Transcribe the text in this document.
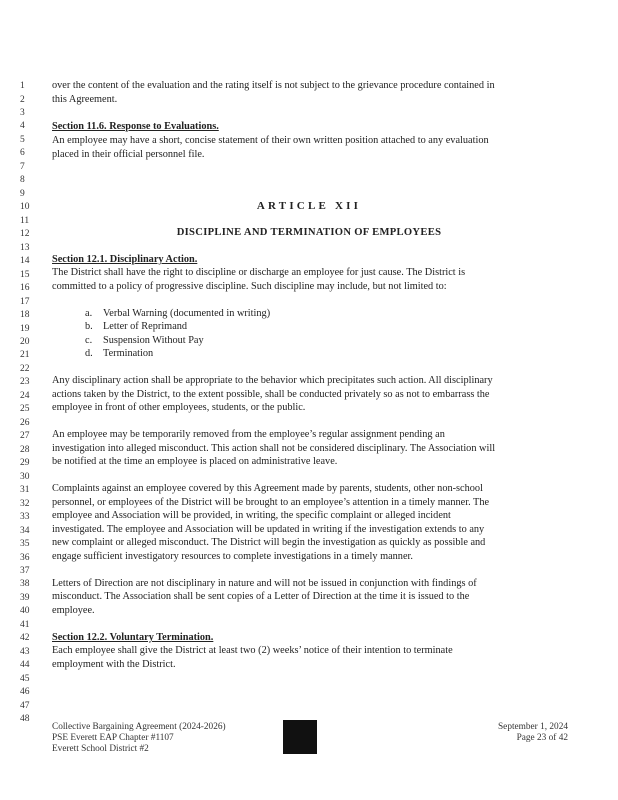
1
2
3
4
5
6
7
8
9
10
11
12
13
14
15
16
17
18
19
20
21
22
23
24
25
26
27
28
29
30
31
32
33
34
35
36
37
38
39
40
41
42
43
44
45
46
47
48
over the content of the evaluation and the rating itself is not subject to the grievance procedure contained in
this Agreement.
Section 11.6. Response to Evaluations.
An employee may have a short, concise statement of their own written position attached to any evaluation
placed in their official personnel file.
ARTICLE XII
DISCIPLINE AND TERMINATION OF EMPLOYEES
Section 12.1. Disciplinary Action.
The District shall have the right to discipline or discharge an employee for just cause. The District is
committed to a policy of progressive discipline. Such discipline may include, but not limited to:
a. Verbal Warning (documented in writing)
b. Letter of Reprimand
c. Suspension Without Pay
d. Termination
Any disciplinary action shall be appropriate to the behavior which precipitates such action. All disciplinary
actions taken by the District, to the extent possible, shall be conducted privately so as not to embarrass the
employee in front of other employees, students, or the public.
An employee may be temporarily removed from the employee’s regular assignment pending an
investigation into alleged misconduct. This action shall not be considered disciplinary. The Association will
be notified at the time an employee is placed on administrative leave.
Complaints against an employee covered by this Agreement made by parents, students, other non-school
personnel, or employees of the District will be brought to an employee’s attention in a timely manner. The
employee and Association will be provided, in writing, the specific complaint or alleged incident
investigated. The employee and Association will be updated in writing if the investigation extends to any
new complaint or alleged misconduct. The District will begin the investigation as quickly as possible and
engage sufficient investigatory resources to complete investigations in a timely manner.
Letters of Direction are not disciplinary in nature and will not be issued in conjunction with findings of
misconduct. The Association shall be sent copies of a Letter of Direction at the time it is issued to the
employee.
Section 12.2. Voluntary Termination.
Each employee shall give the District at least two (2) weeks’ notice of their intention to terminate
employment with the District.
Collective Bargaining Agreement (2024-2026)
PSE Everett EAP Chapter #1107
Everett School District #2
September 1, 2024
Page 23 of 42
